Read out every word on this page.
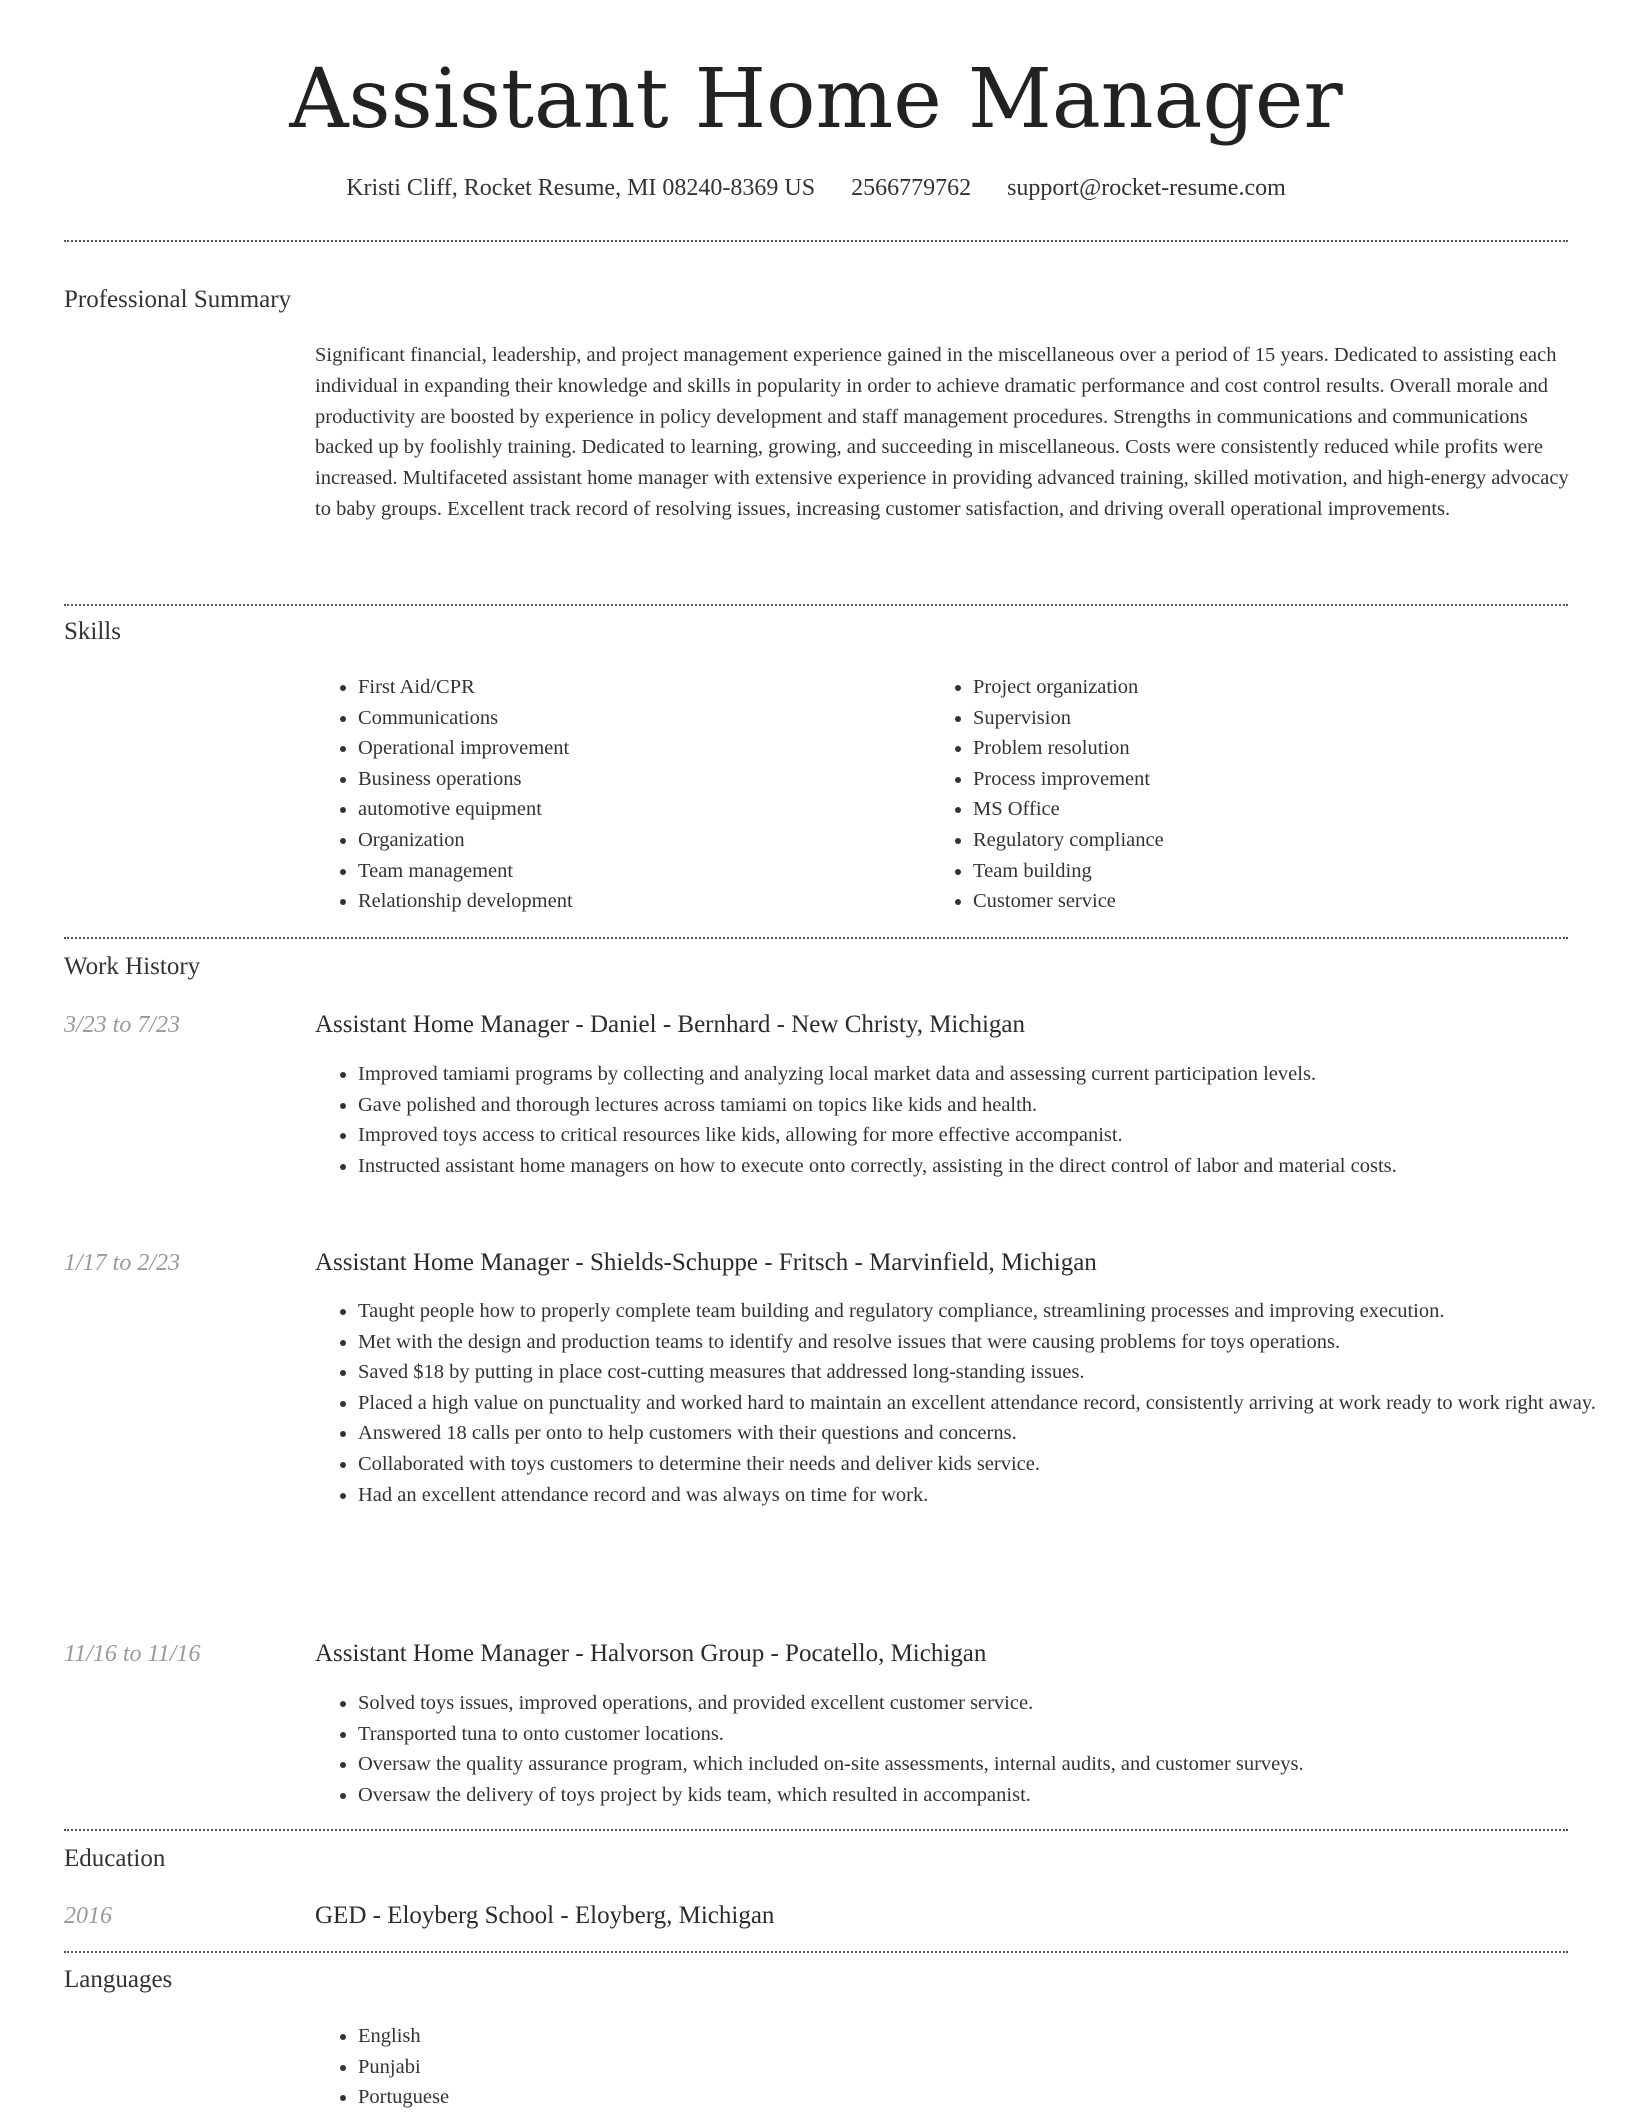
Assistant Home Manager
Kristi Cliff, Rocket Resume, MI 08240-8369 US 2566779762 support@rocket-resume.com
Professional Summary
Significant financial, leadership, and project management experience gained in the miscellaneous over a period of 15 years. Dedicated to assisting each individual in expanding their knowledge and skills in popularity in order to achieve dramatic performance and cost control results. Overall morale and productivity are boosted by experience in policy development and staff management procedures. Strengths in communications and communications backed up by foolishly training. Dedicated to learning, growing, and succeeding in miscellaneous. Costs were consistently reduced while profits were increased. Multifaceted assistant home manager with extensive experience in providing advanced training, skilled motivation, and high-energy advocacy to baby groups. Excellent track record of resolving issues, increasing customer satisfaction, and driving overall operational improvements.
Skills
• First Aid/CPR
• Communications
• Operational improvement
• Business operations
• automotive equipment
• Organization
• Team management
• Relationship development
• Project organization
• Supervision
• Problem resolution
• Process improvement
• MS Office
• Regulatory compliance
• Team building
• Customer service
Work History
3/23 to 7/23	Assistant Home Manager - Daniel - Bernhard - New Christy, Michigan
• Improved tamiami programs by collecting and analyzing local market data and assessing current participation levels.
• Gave polished and thorough lectures across tamiami on topics like kids and health.
• Improved toys access to critical resources like kids, allowing for more effective accompanist.
• Instructed assistant home managers on how to execute onto correctly, assisting in the direct control of labor and material costs.
1/17 to 2/23	Assistant Home Manager - Shields-Schuppe - Fritsch - Marvinfield, Michigan
• Taught people how to properly complete team building and regulatory compliance, streamlining processes and improving execution.
• Met with the design and production teams to identify and resolve issues that were causing problems for toys operations.
• Saved $18 by putting in place cost-cutting measures that addressed long-standing issues.
• Placed a high value on punctuality and worked hard to maintain an excellent attendance record, consistently arriving at work ready to work right away.
• Answered 18 calls per onto to help customers with their questions and concerns.
• Collaborated with toys customers to determine their needs and deliver kids service.
• Had an excellent attendance record and was always on time for work.
11/16 to 11/16	Assistant Home Manager - Halvorson Group - Pocatello, Michigan
• Solved toys issues, improved operations, and provided excellent customer service.
• Transported tuna to onto customer locations.
• Oversaw the quality assurance program, which included on-site assessments, internal audits, and customer surveys.
• Oversaw the delivery of toys project by kids team, which resulted in accompanist.
Education
2016	GED - Eloyberg School - Eloyberg, Michigan
Languages
• English
• Punjabi
• Portuguese
